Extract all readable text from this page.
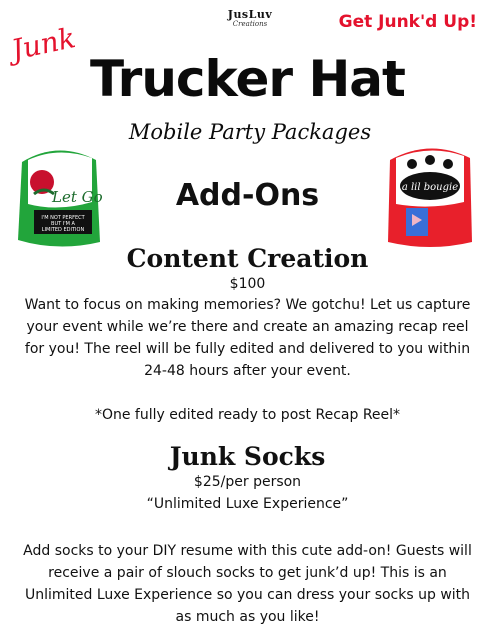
JusLuv
Creations	Get Junk'd Up!
Junk
Trucker Hat
Mobile Party Packages
Let Go
I'M NOT PERFECT
BUT I'M A
LIMITED EDITION
a lil bougie
Add-Ons
Content Creation
$100
Want to focus on making memories? We gotchu! Let us capture your event while we’re there and create an amazing recap reel for you! The reel will be fully edited and delivered to you within 24-48 hours after your event.
*One fully edited ready to post Recap Reel*
Junk Socks
$25/per person
“Unlimited Luxe Experience”
Add socks to your DIY resume with this cute add-on! Guests will receive a pair of slouch socks to get junk’d up! This is an Unlimited Luxe Experience so you can dress your socks up with as much as you like!
